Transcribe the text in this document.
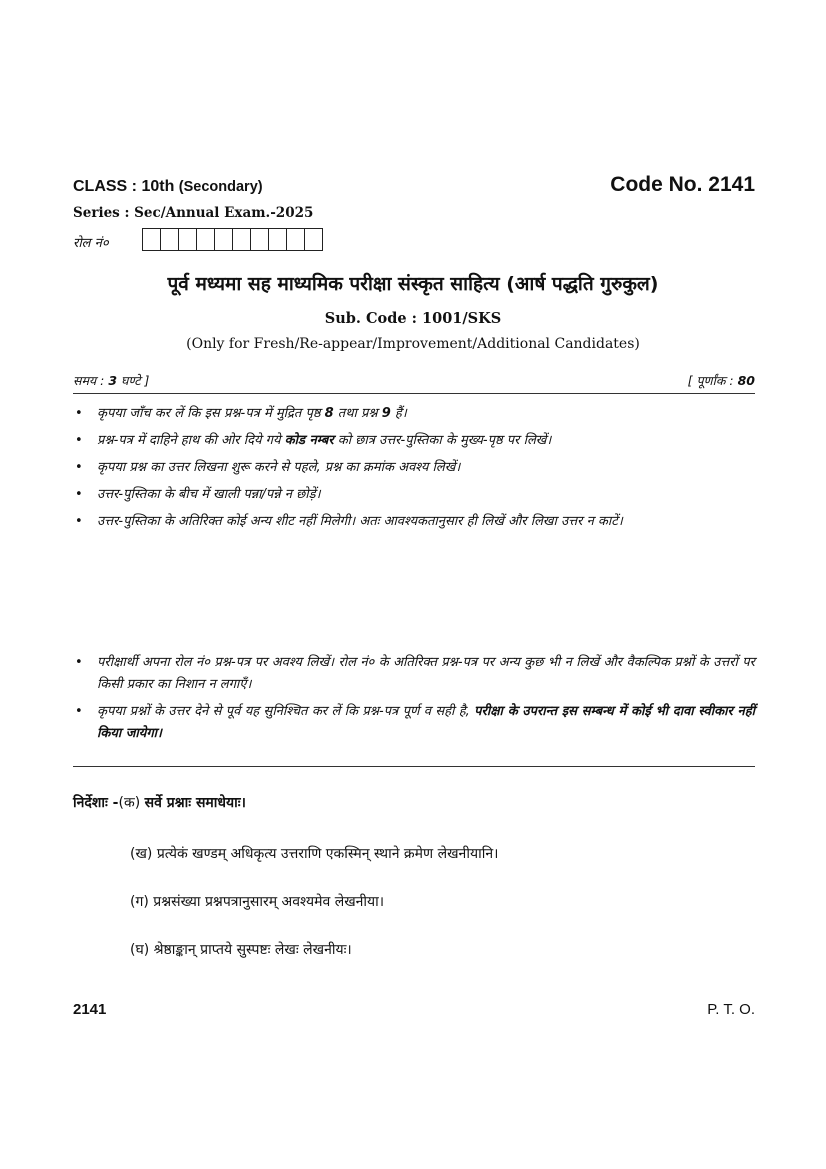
CLASS : 10th (Secondary)	Code No. 2141
Series : Sec/Annual Exam.-2025
रोल नं०
पूर्व मध्यमा सह माध्यमिक परीक्षा संस्कृत साहित्य (आर्ष पद्धति गुरुकुल)
Sub. Code : 1001/SKS
(Only for Fresh/Re-appear/Improvement/Additional Candidates)
समय : 3 घण्टे ]	[ पूर्णांक : 80
• कृपया जाँच कर लें कि इस प्रश्न-पत्र में मुद्रित पृष्ठ 8 तथा प्रश्न 9 हैं।
• प्रश्न-पत्र में दाहिने हाथ की ओर दिये गये कोड नम्बर को छात्र उत्तर-पुस्तिका के मुख्य-पृष्ठ पर लिखें।
• कृपया प्रश्न का उत्तर लिखना शुरू करने से पहले, प्रश्न का क्रमांक अवश्य लिखें।
• उत्तर-पुस्तिका के बीच में खाली पन्ना/पन्ने न छोड़ें।
• उत्तर-पुस्तिका के अतिरिक्त कोई अन्य शीट नहीं मिलेगी। अतः आवश्यकतानुसार ही लिखें और लिखा उत्तर न काटें।
• परीक्षार्थी अपना रोल नं० प्रश्न-पत्र पर अवश्य लिखें। रोल नं० के अतिरिक्त प्रश्न-पत्र पर अन्य कुछ भी न लिखें और वैकल्पिक प्रश्नों के उत्तरों पर किसी प्रकार का निशान न लगाएँ।
• कृपया प्रश्नों के उत्तर देने से पूर्व यह सुनिश्चित कर लें कि प्रश्न-पत्र पूर्ण व सही है, परीक्षा के उपरान्त इस सम्बन्ध में कोई भी दावा स्वीकार नहीं किया जायेगा।
निर्देशाः -(क) सर्वे प्रश्नाः समाधेयाः।
(ख) प्रत्येकं खण्डम् अधिकृत्य उत्तराणि एकस्मिन् स्थाने क्रमेण लेखनीयानि।
(ग) प्रश्नसंख्या प्रश्नपत्रानुसारम् अवश्यमेव लेखनीया।
(घ) श्रेष्ठाङ्कान् प्राप्तये सुस्पष्टः लेखः लेखनीयः।
2141	P. T. O.
